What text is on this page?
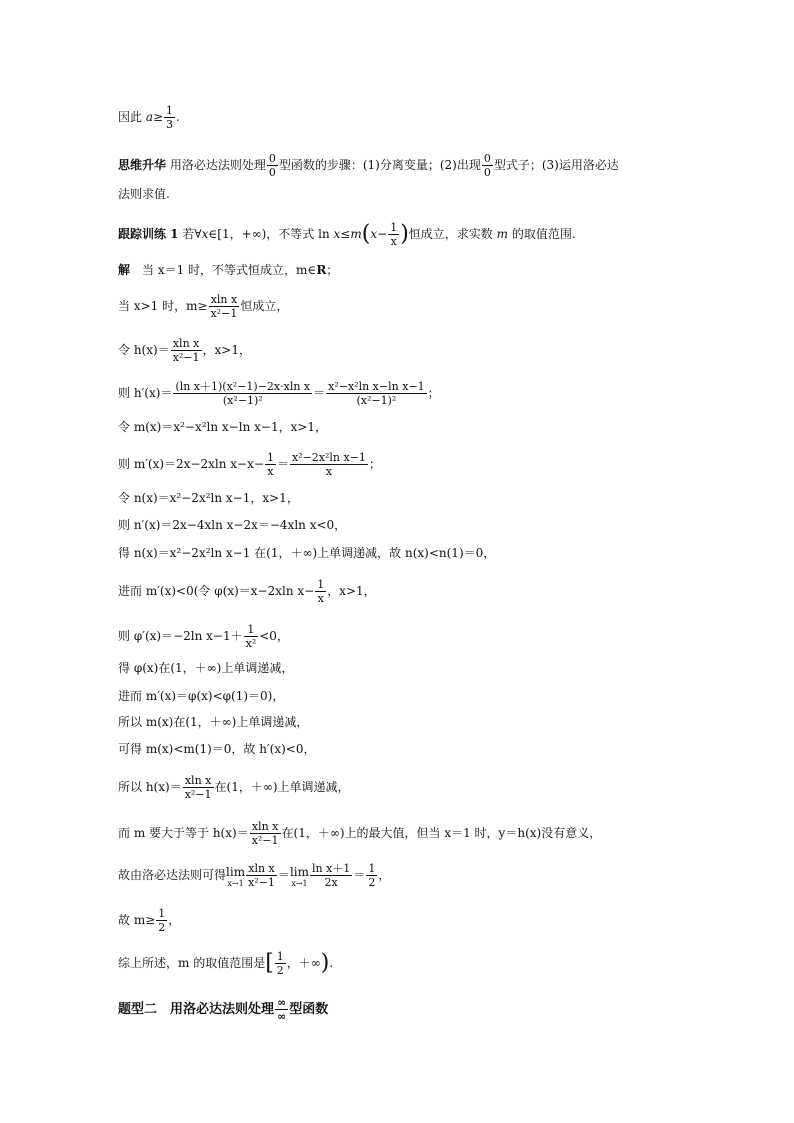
因此 $a\ge \frac{1}{3}$ .
思维升华 用洛必达法则处理 $\frac{0}{0}$ 型函数的步骤：(1)分离变量；(2)出现 $\frac{0}{0}$ 型式子；(3)运用洛必达
法则求值.
跟踪训练 1 若∀x∈[1，+∞)，不等式 $\ln x\le m(x- \frac{1}{x}$ )恒成立，求实数 m 的取值范围.
解　当 x＝1 时，不等式恒成立，m∈R；
当 x>1 时，$m\ge \frac{\text{xln x}}{\text{x²−1}}$ 恒成立，
令 $h(x)= \frac{\text{xln x}}{\text{x²−1}}$ ，x>1，
则 $h'(x)= \frac{\text{(ln x＋1)(x²−1)−2x·xln x}}{\text{(x²−1)²}} = \frac{\text{x²−x²ln x−ln x−1}}{\text{(x²−1)²}}$ ；
令 m(x)＝x²−x²ln x−ln x−1，x>1，
则 m′(x)＝2x−2xln $x-x- \frac{1}{x} = \frac{\text{x²−2x²ln x−1}}{x}$ ；
令 n(x)＝x²−2x²ln x−1，x>1，
则 n′(x)＝2x−4xln x−2x＝−4xln x<0，
得 n(x)＝x²−2x²ln x−1 在(1，＋∞)上单调递减，故 n(x)<n(1)＝0，
进而 m′(x)<0(令 φ(x)＝x−2xln $x- \frac{1}{x}$ ，x>1，
则 φ′(x)＝−2ln $x-1+ \frac{1}{\text{x²}} <0$，
得 φ(x)在(1，＋∞)上单调递减，
进而 m′(x)＝φ(x)<φ(1)＝0)，
所以 m(x)在(1，＋∞)上单调递减，
可得 m(x)<m(1)＝0，故 h′(x)<0，
所以 $h(x)= \frac{\text{xln x}}{\text{x²−1}}$ 在(1，＋∞)上单调递减，
而 m 要大于等于 $h(x)= \frac{\text{xln x}}{\text{x²−1}}$ 在(1，＋∞)上的最大值，但当 x＝1 时，y＝h(x)没有意义，
故由洛必达法则可得lim
$x\to 1 \frac{\text{xln x}}{\text{x²−1}} =\lim$
$x\to 1 \frac{\text{ln x＋1}}{2x} = \frac{1}{2}$ ，
故 $m\ge \frac{1}{2}$ ，
综上所述，m 的取值范围是[ $\frac{1}{2}$ ，＋∞).
题型二　用洛必达法则处理 $\frac{\infty}{\infty}$ 型函数
